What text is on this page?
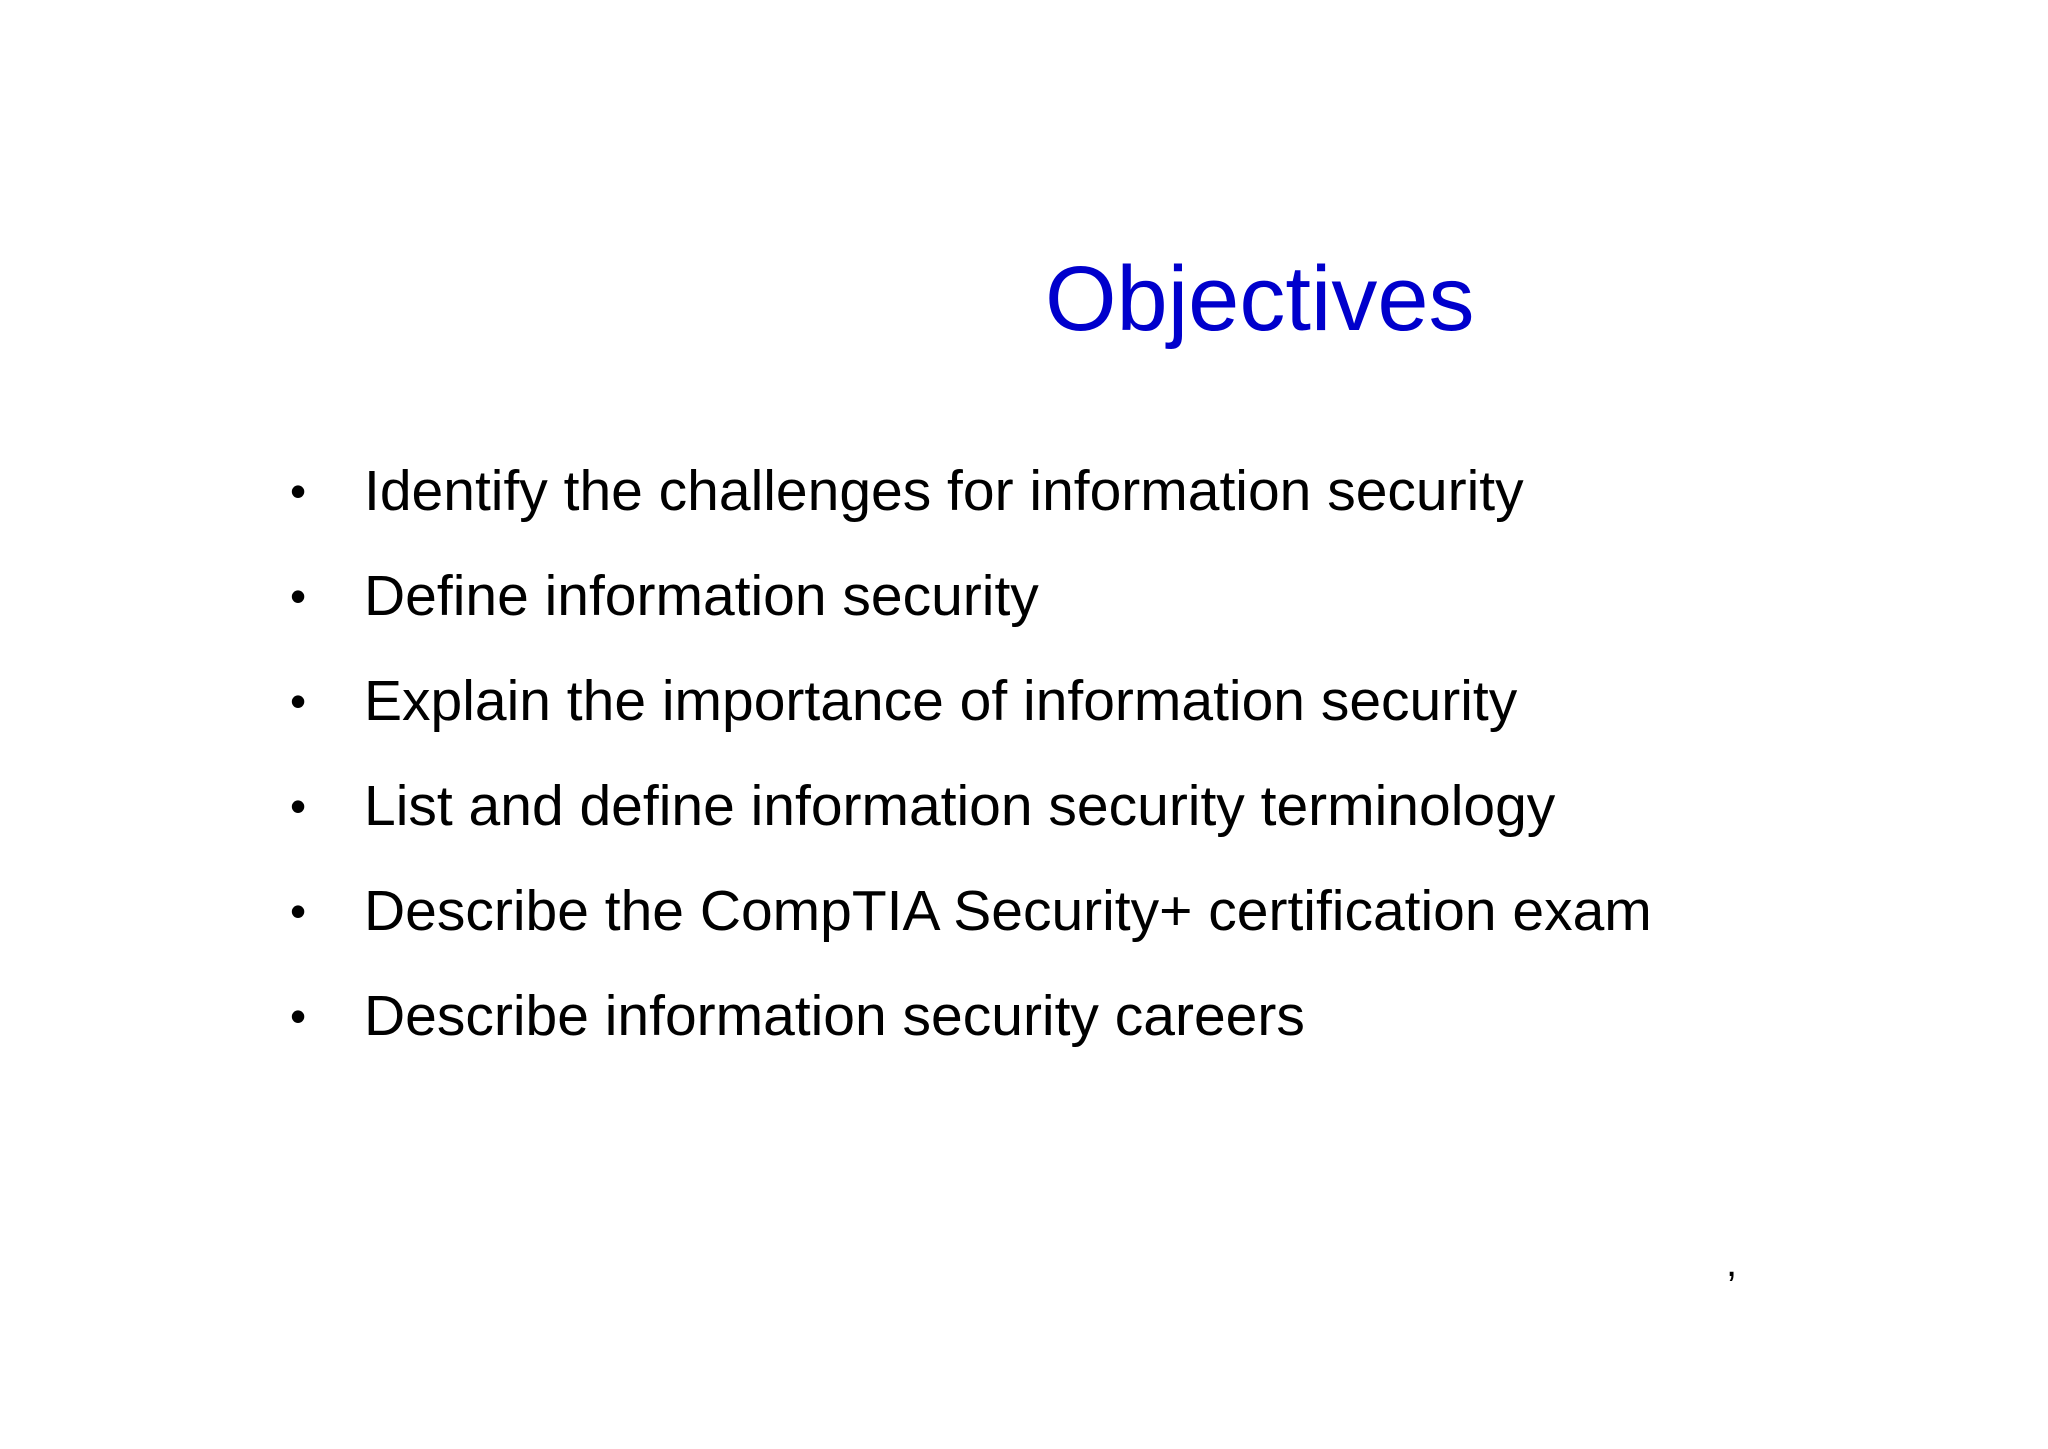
Objectives
• Identify the challenges for information security
• Define information security
• Explain the importance of information security
• List and define information security terminology
• Describe the CompTIA Security+ certification exam
• Describe information security careers
,
